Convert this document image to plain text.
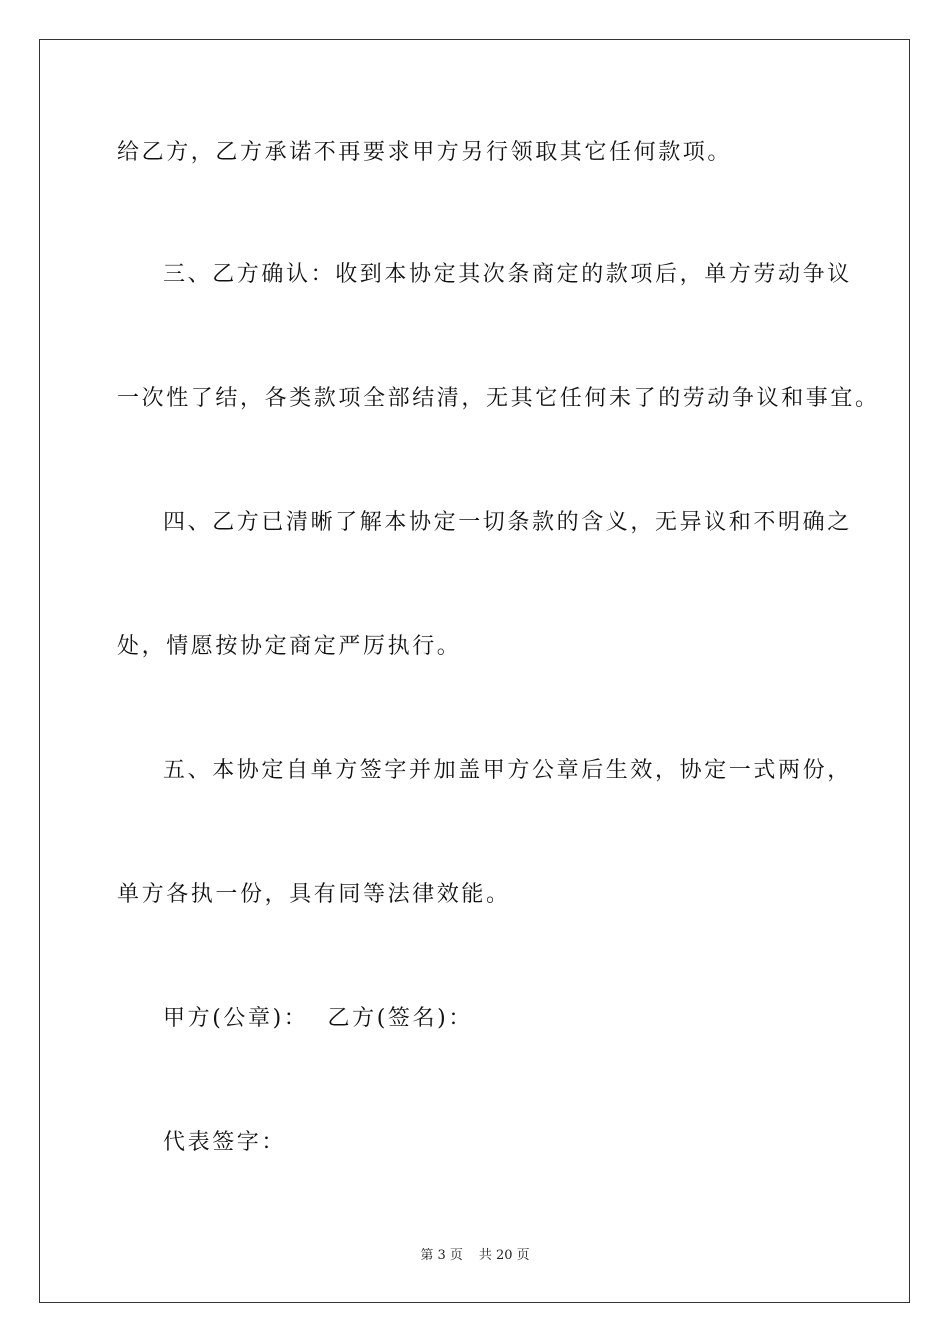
给乙方，乙方承诺不再要求甲方另行领取其它任何款项。
三、乙方确认：收到本协定其次条商定的款项后，单方劳动争议
一次性了结，各类款项全部结清，无其它任何未了的劳动争议和事宜。
四、乙方已清晰了解本协定一切条款的含义，无异议和不明确之
处，情愿按协定商定严厉执行。
五、本协定自单方签字并加盖甲方公章后生效，协定一式两份，
单方各执一份，具有同等法律效能。
甲方(公章)：  乙方(签名)：
代表签字：
第 3 页 共 20 页
